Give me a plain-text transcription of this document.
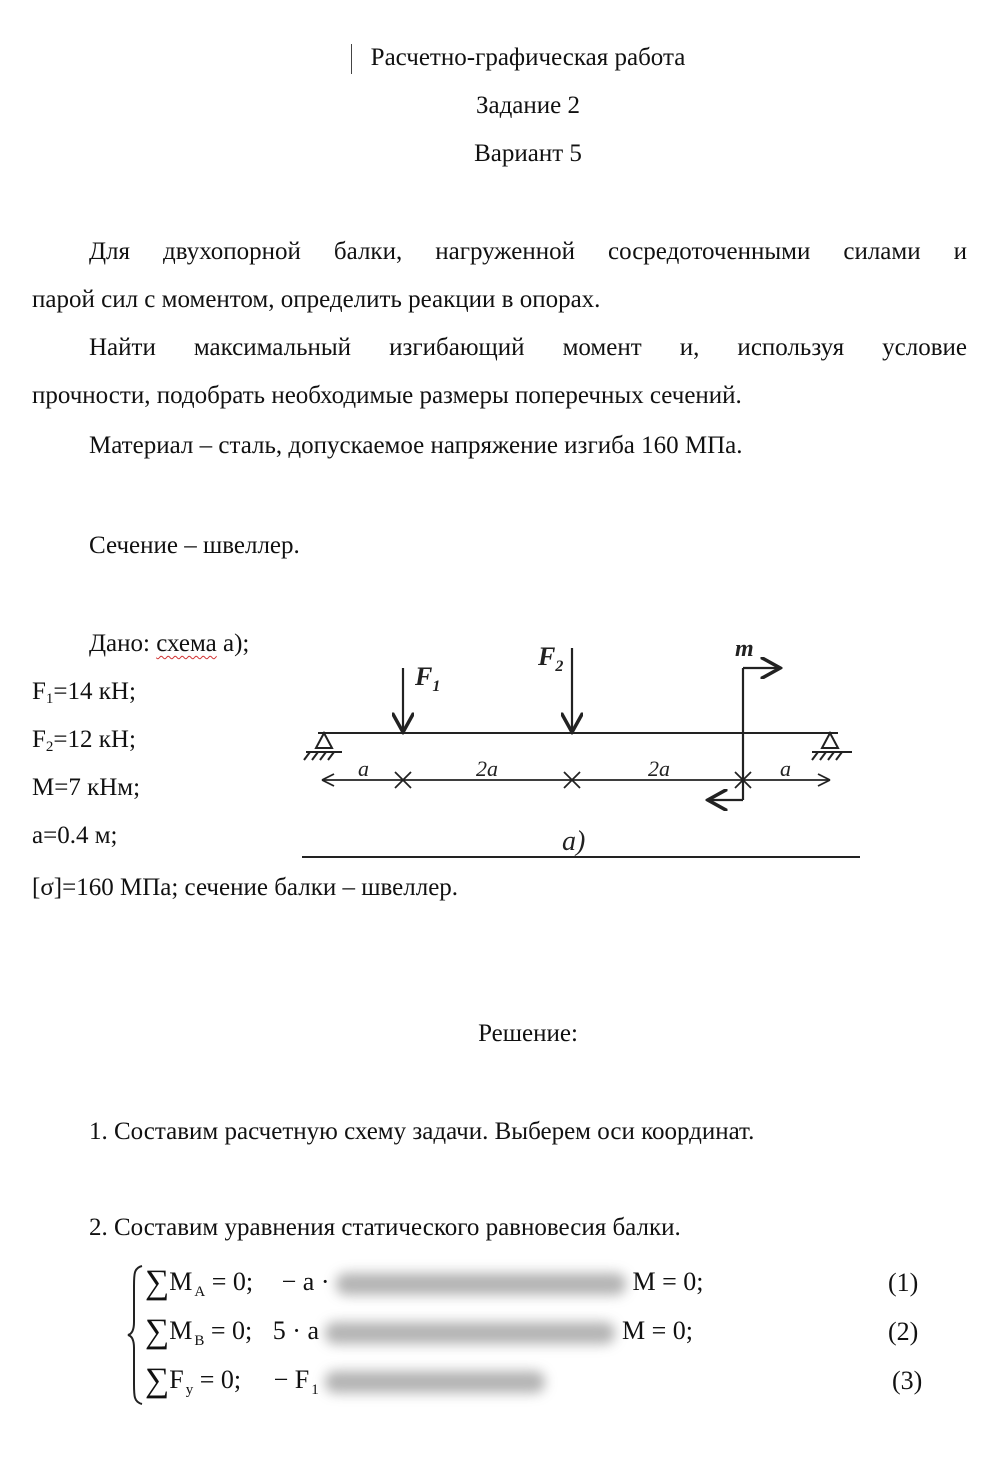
Расчетно-графическая работа
Задание 2
Вариант 5
Для двухопорной балки, нагруженной сосредоточенными силами и
парой сил с моментом, определить реакции в опорах.
Найти максимальный изгибающий момент и, используя условие
прочности, подобрать необходимые размеры поперечных сечений.
Материал – сталь, допускаемое напряжение изгиба 160 МПа.
Сечение – швеллер.
Дано: схема а);
$F_1=14$ кН;
$F_2=12$ кН;
М=7 кНм;
а=0.4 м;
[σ]=160 МПа; сечение балки – швеллер.
$F_1$
$F_2$
m
a	2a	2a	a
a)
Решение:
1. Составим расчетную схему задачи. Выберем оси координат.
2. Составим уравнения статического равновесия балки.
∑M $_A$ = 0; − a ·	M = 0;	(1)
∑M $_B$ = 0; 5 · a	M = 0;	(2)
∑F $_y$ = 0; − F $_1$	(3)
